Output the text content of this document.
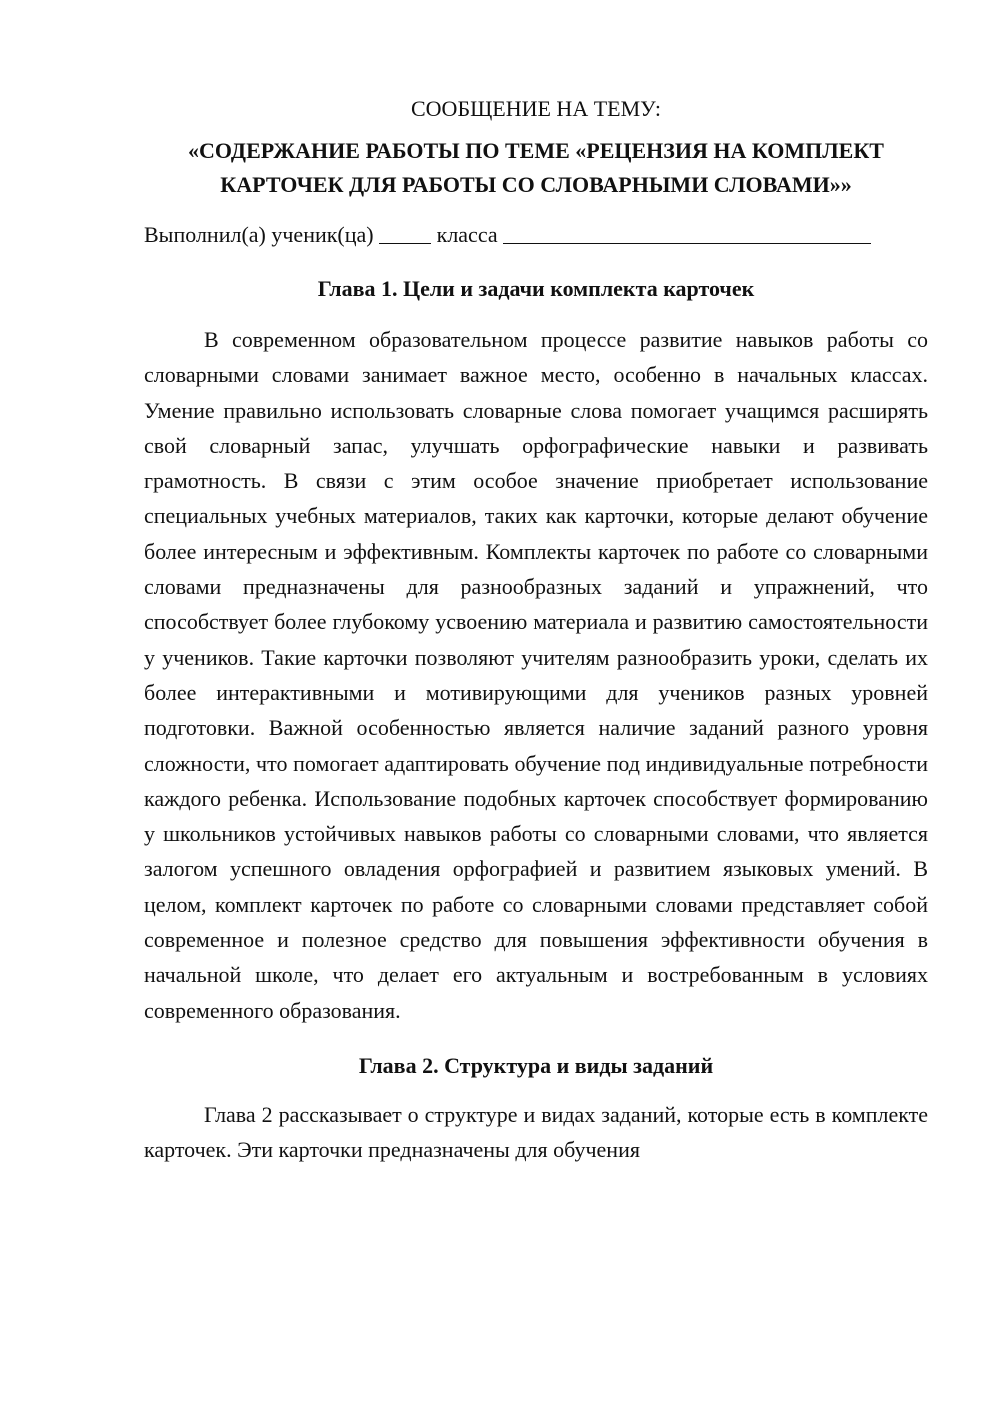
СООБЩЕНИЕ НА ТЕМУ:

«СОДЕРЖАНИЕ РАБОТЫ ПО ТЕМЕ «РЕЦЕНЗИЯ НА КОМПЛЕКТ
КАРТОЧЕК ДЛЯ РАБОТЫ СО СЛОВАРНЫМИ СЛОВАМИ»»

Выполнил(а) ученик(ца)	класса

Глава 1. Цели и задачи комплекта карточек

В современном образовательном процессе развитие навыков работы со словарными словами занимает важное место, особенно в начальных классах. Умение правильно использовать словарные слова помогает учащимся расширять свой словарный запас, улучшать орфографические навыки и развивать грамотность. В связи с этим особое значение приобретает использование специальных учебных материалов, таких как карточки, которые делают обучение более интересным и эффективным. Комплекты карточек по работе со словарными словами предназначены для разнообразных заданий и упражнений, что способствует более глубокому усвоению материала и развитию самостоятельности у учеников. Такие карточки позволяют учителям разнообразить уроки, сделать их более интерактивными и мотивирующими для учеников разных уровней подготовки. Важной особенностью является наличие заданий разного уровня сложности, что помогает адаптировать обучение под индивидуальные потребности каждого ребенка. Использование подобных карточек способствует формированию у школьников устойчивых навыков работы со словарными словами, что является залогом успешного овладения орфографией и развитием языковых умений. В целом, комплект карточек по работе со словарными словами представляет собой современное и полезное средство для повышения эффективности обучения в начальной школе, что делает его актуальным и востребованным в условиях современного образования.

Глава 2. Структура и виды заданий

Глава 2 рассказывает о структуре и видах заданий, которые есть в комплекте карточек. Эти карточки предназначены для обучения
